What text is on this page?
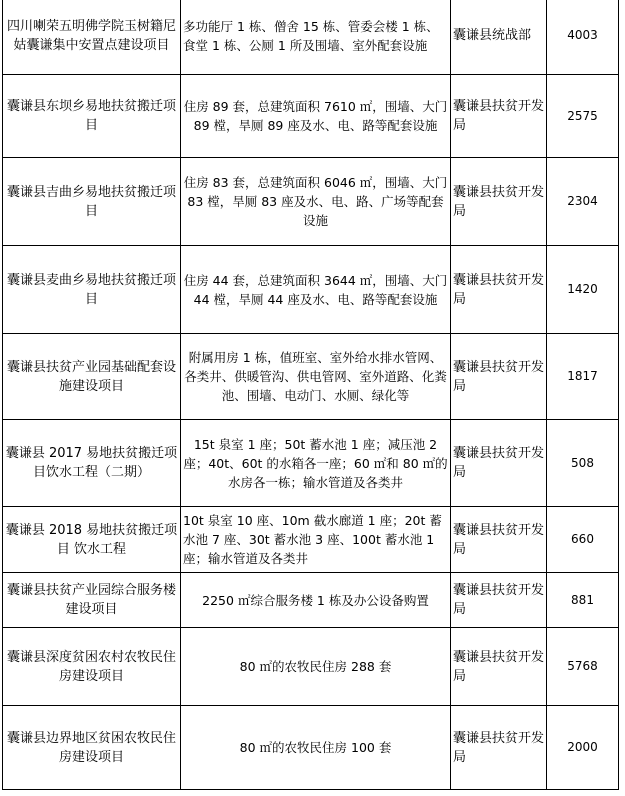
四川喇荣五明佛学院玉树籍尼姑囊谦集中安置点建设项目	多功能厅 1 栋、僧舍 15 栋、管委会楼 1 栋、食堂 1 栋、公厕 1 所及围墙、室外配套设施	囊谦县统战部	4003
囊谦县东坝乡易地扶贫搬迁项目	住房 89 套，总建筑面积 7610 ㎡，围墙、大门 89 樘，旱厕 89 座及水、电、路等配套设施	囊谦县扶贫开发局	2575
囊谦县吉曲乡易地扶贫搬迁项目	住房 83 套，总建筑面积 6046 ㎡，围墙、大门 83 樘，旱厕 83 座及水、电、路、广场等配套设施	囊谦县扶贫开发局	2304
囊谦县麦曲乡易地扶贫搬迁项目	住房 44 套，总建筑面积 3644 ㎡，围墙、大门 44 樘，旱厕 44 座及水、电、路等配套设施	囊谦县扶贫开发局	1420
囊谦县扶贫产业园基础配套设施建设项目	附属用房 1 栋，值班室、室外给水排水管网、各类井、供暖管沟、供电管网、室外道路、化粪池、围墙、电动门、水厕、绿化等	囊谦县扶贫开发局	1817
囊谦县 2017 易地扶贫搬迁项目饮水工程（二期）	15t 泉室 1 座；50t 蓄水池 1 座；减压池 2 座；40t、60t 的水箱各一座；60 ㎡和 80 ㎡的水房各一栋；输水管道及各类井	囊谦县扶贫开发局	508
囊谦县 2018 易地扶贫搬迁项目 饮水工程	10t 泉室 10 座、10m 截水廊道 1 座；20t 蓄水池 7 座、30t 蓄水池 3 座、100t 蓄水池 1 座；输水管道及各类井	囊谦县扶贫开发局	660
囊谦县扶贫产业园综合服务楼 建设项目	2250 ㎡综合服务楼 1 栋及办公设备购置	囊谦县扶贫开发局	881
囊谦县深度贫困农村农牧民住房建设项目	80 ㎡的农牧民住房 288 套	囊谦县扶贫开发局	5768
囊谦县边界地区贫困农牧民住房建设项目	80 ㎡的农牧民住房 100 套	囊谦县扶贫开发局	2000
